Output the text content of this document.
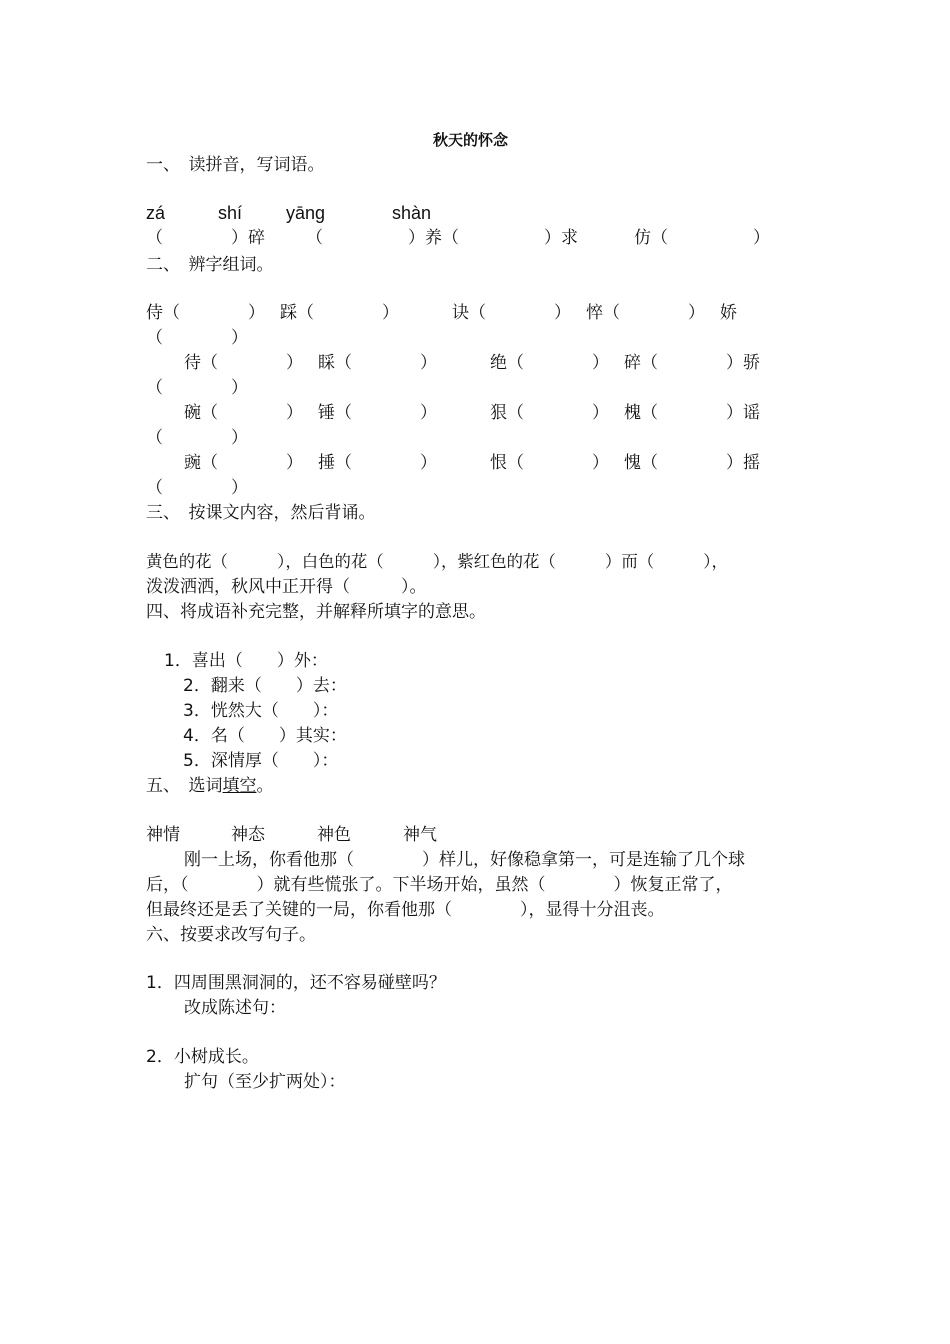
秋天的怀念
一、　读拼音，写词语。
zá	shí yāng	shàn
（　　　　）碎 （　　　　　）养（　　　　　）求	仿（　　　　　）
二、　辨字组词。
侍（　　　　） 踩（　　　　）	诀（　　　　） 悴（　　　　） 娇
（　　　　）
待（　　　　） 睬（　　　　）	绝（　　　　） 碎（　　　　）骄
（　　　　）
碗（　　　　） 锤（　　　　）	狠（　　　　） 槐（　　　　）谣
（　　　　）
豌（　　　　） 捶（　　　　）	恨（　　　　） 愧（　　　　）摇
（　　　　）
三、　按课文内容，然后背诵。
黄色的花（　　　），白色的花（　　　），紫红色的花（　　　）而（　　　），
泼泼洒洒，秋风中正开得（　　　）。
四、将成语补充完整，并解释所填字的意思。
1．喜出（　　）外：
2．翻来（　　）去：
3．恍然大（　　）：
4．名（　　）其实：
5．深情厚（　　）：
五、　选词填空。
神情	神态	神色	神气
刚一上场，你看他那（　　　　）样儿，好像稳拿第一，可是连输了几个球
后，（　　　　）就有些慌张了。下半场开始，虽然（　　　　）恢复正常了，
但最终还是丢了关键的一局，你看他那（　　　　），显得十分沮丧。
六、按要求改写句子。
1．四周围黑洞洞的，还不容易碰壁吗？
改成陈述句：
2．小树成长。
扩句（至少扩两处）：
